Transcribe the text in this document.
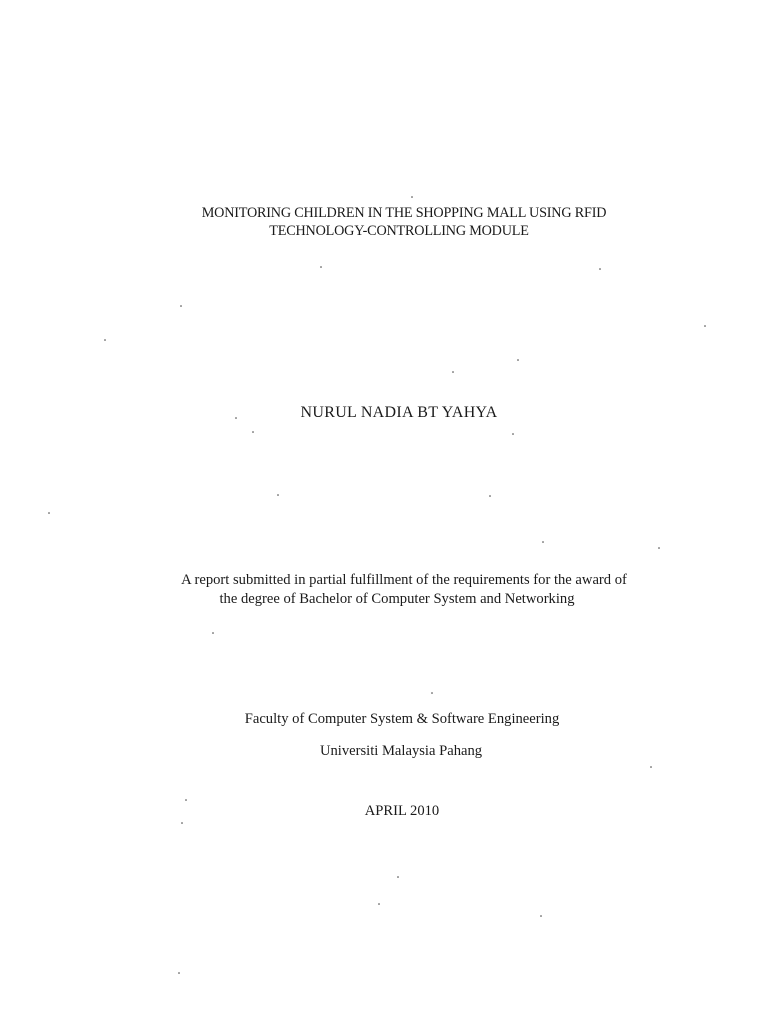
MONITORING CHILDREN IN THE SHOPPING MALL USING RFID
TECHNOLOGY-CONTROLLING MODULE
NURUL NADIA BT YAHYA
A report submitted in partial fulfillment of the requirements for the award of
the degree of Bachelor of Computer System and Networking
Faculty of Computer System & Software Engineering
Universiti Malaysia Pahang
APRIL 2010
